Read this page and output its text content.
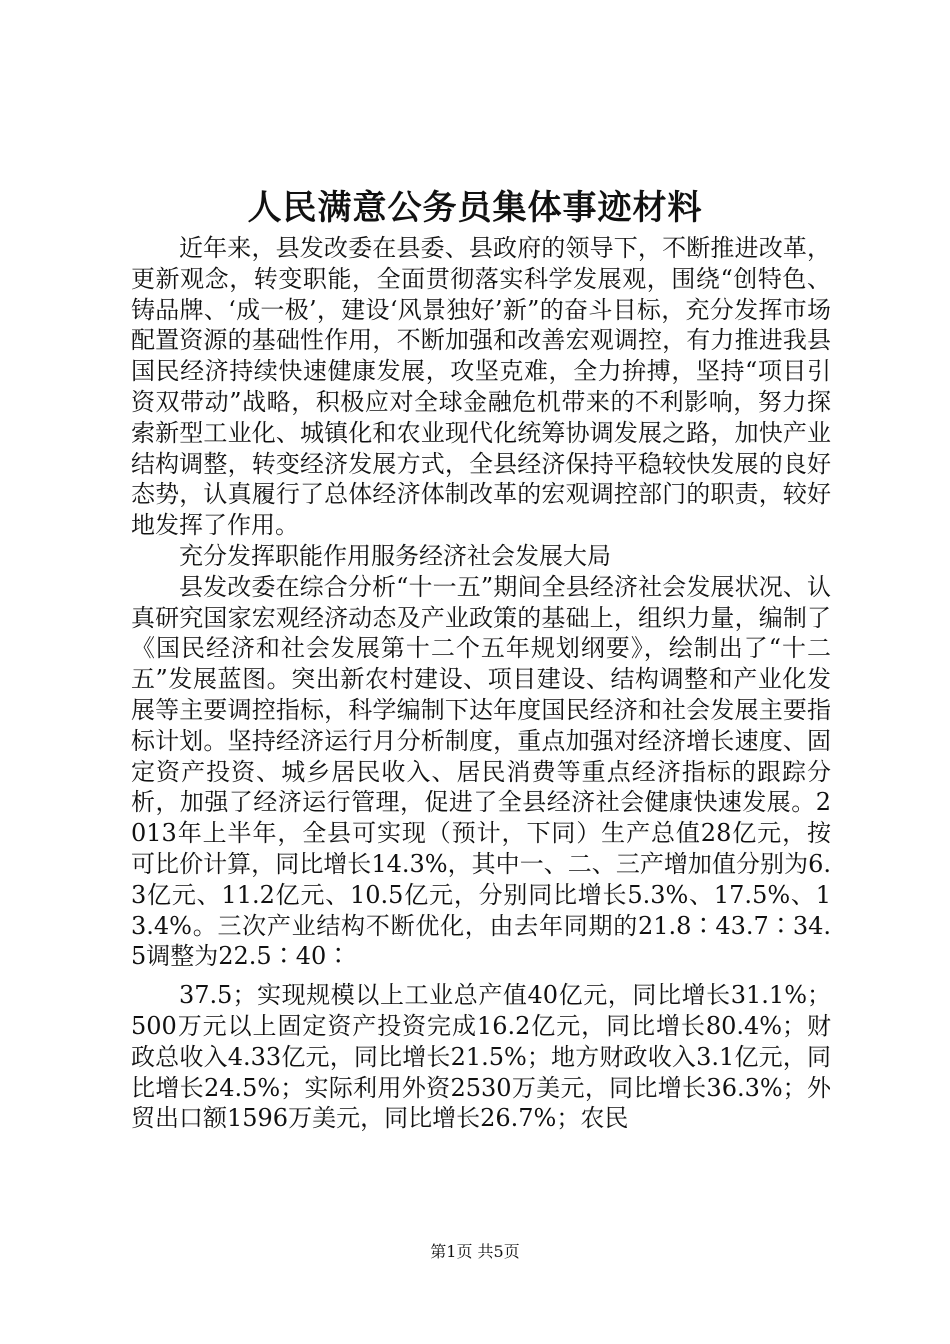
人民满意公务员集体事迹材料

近年来，县发改委在县委、县政府的领导下，不断推进改革，更新观念，转变职能，全面贯彻落实科学发展观，围绕“创特色、铸品牌、‘成一极’，建设‘风景独好’新”的奋斗目标，充分发挥市场配置资源的基础性作用，不断加强和改善宏观调控，有力推进我县国民经济持续快速健康发展，攻坚克难，全力拚搏，坚持“项目引资双带动”战略，积极应对全球金融危机带来的不利影响，努力探索新型工业化、城镇化和农业现代化统筹协调发展之路，加快产业结构调整，转变经济发展方式，全县经济保持平稳较快发展的良好态势，认真履行了总体经济体制改革的宏观调控部门的职责，较好地发挥了作用。

充分发挥职能作用服务经济社会发展大局

县发改委在综合分析“十一五”期间全县经济社会发展状况、认真研究国家宏观经济动态及产业政策的基础上，组织力量，编制了《国民经济和社会发展第十二个五年规划纲要》，绘制出了“十二五”发展蓝图。突出新农村建设、项目建设、结构调整和产业化发展等主要调控指标，科学编制下达年度国民经济和社会发展主要指标计划。坚持经济运行月分析制度，重点加强对经济增长速度、固定资产投资、城乡居民收入、居民消费等重点经济指标的跟踪分析，加强了经济运行管理，促进了全县经济社会健康快速发展。2013年上半年，全县可实现（预计，下同）生产总值28亿元，按可比价计算，同比增长14.3%，其中一、二、三产增加值分别为6.3亿元、11.2亿元、10.5亿元，分别同比增长5.3%、17.5%、13.4%。三次产业结构不断优化，由去年同期的21.8∶43.7∶34.5调整为22.5∶40∶

37.5；实现规模以上工业总产值40亿元，同比增长31.1%；500万元以上固定资产投资完成16.2亿元，同比增长80.4%；财政总收入4.33亿元，同比增长21.5%；地方财政收入3.1亿元，同比增长24.5%；实际利用外资2530万美元，同比增长36.3%；外贸出口额1596万美元，同比增长26.7%；农民

第1页 共5页
